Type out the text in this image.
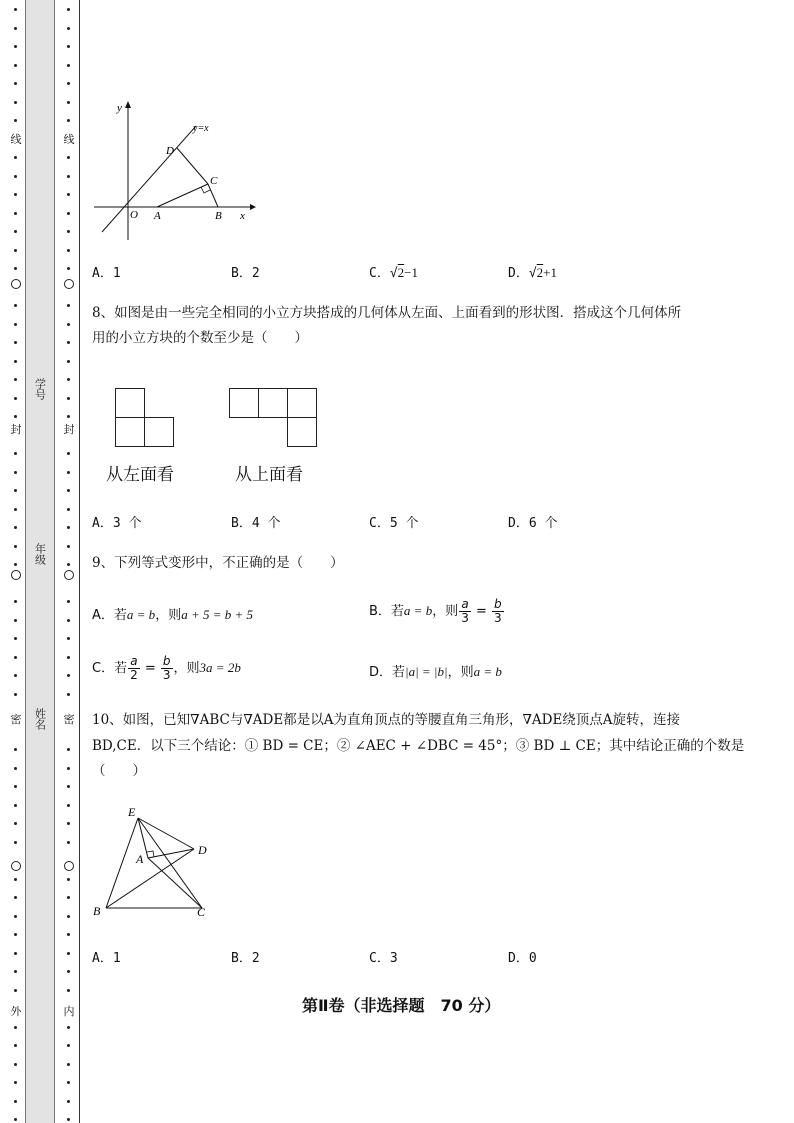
线
封
密
外
学号
年级
姓名
线
封
密
内
y
x
y=x
D
C
O A	B
A．1	B．2	C．√2−1	D．√2+1
8、如图是由一些完全相同的小立方块搭成的几何体从左面、上面看到的形状图．搭成这个几何体所
用的小立方块的个数至少是（　　）
从左面看	从上面看
A．3 个	B．4 个	C．5 个	D．6 个
9、下列等式变形中，不正确的是（　　）
A．若a = b，则a + 5 = b + 5	B．若a = b，则 $\frac{a}{3} = \frac{b}{3}$
C．若 $\frac{a}{2} = \frac{b}{3}$ ，则3a = 2b	D．若|a| = |b|，则a = b
10、如图，已知∇ABC与∇ADE都是以A为直角顶点的等腰直角三角形，∇ADE绕顶点A旋转，连接
BD,CE．以下三个结论：① BD = CE；② ∠AEC + ∠DBC = 45°；③ BD ⊥ CE；其中结论正确的个数是
（　　）
E
A
D
B	C
A．1	B．2	C．3	D．0
第Ⅱ卷（非选择题　70 分）
